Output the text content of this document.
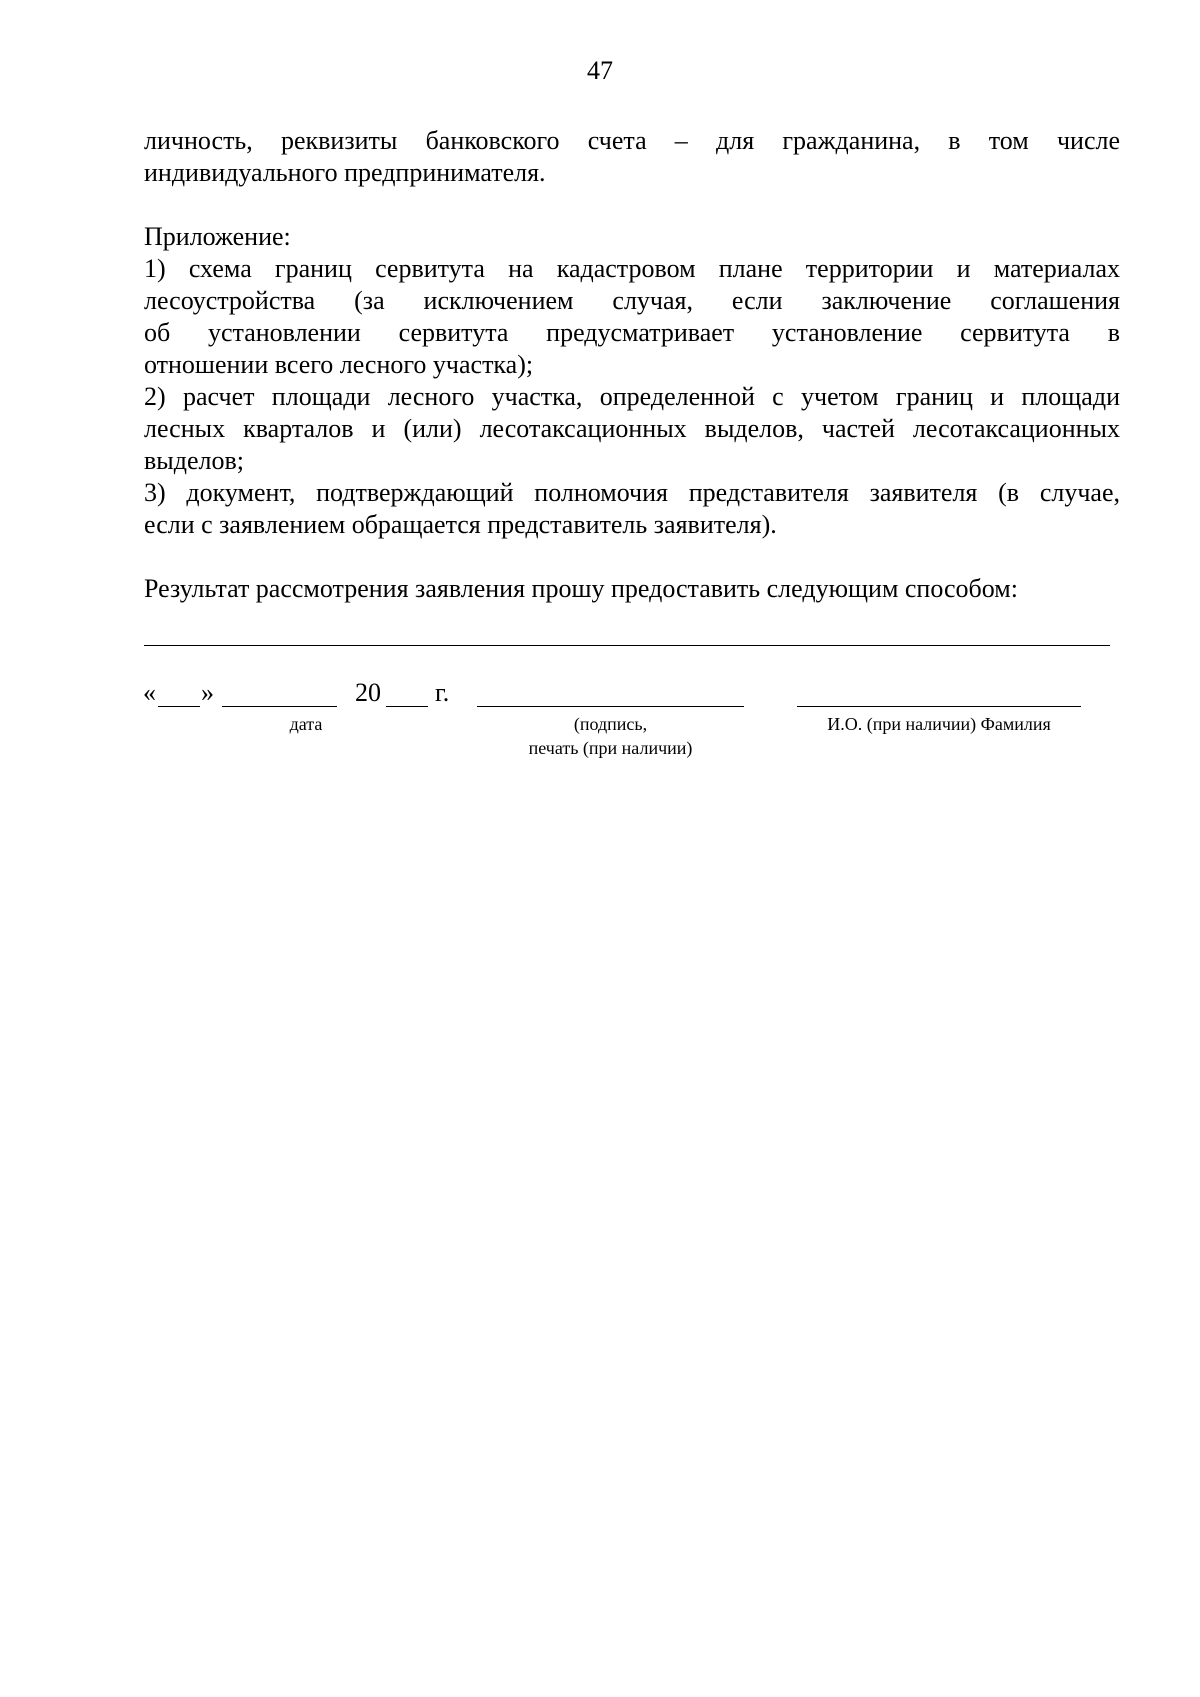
47
личность, реквизиты банковского счета – для гражданина, в том числе
индивидуального предпринимателя.
Приложение:
1) схема границ сервитута на кадастровом плане территории и материалах
лесоустройства (за исключением случая, если заключение соглашения
об установлении сервитута предусматривает установление сервитута в
отношении всего лесного участка);
2) расчет площади лесного участка, определенной с учетом границ и площади
лесных кварталов и (или) лесотаксационных выделов, частей лесотаксационных
выделов;
3) документ, подтверждающий полномочия представителя заявителя (в случае,
если с заявлением обращается представитель заявителя).
Результат рассмотрения заявления прошу предоставить следующим способом:
« »
дата
20 г.
(подпись,
печать (при наличии)
И.О. (при наличии) Фамилия
